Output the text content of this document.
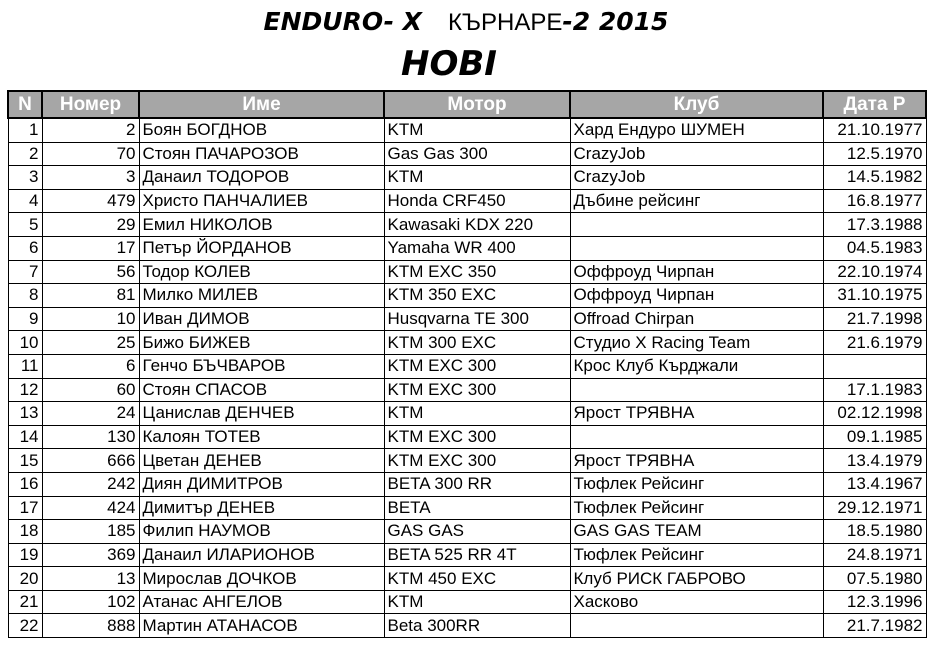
ENDURO- X КЪРНАРЕ-2 2015
HOBI
N	Номер	Име	Мотор	Клуб	Дата Р
1	2	Боян БОГДНОВ	KTM	Хард Ендуро ШУМЕН	21.10.1977
2	70	Стоян ПАЧАРОЗОВ	Gas Gas 300	CrazyJob	12.5.1970
3	3	Данаил ТОДОРОВ	KTM	CrazyJob	14.5.1982
4	479	Христо ПАНЧАЛИЕВ	Honda CRF450	Дъбине рейсинг	16.8.1977
5	29	Емил НИКОЛОВ	Kawasaki KDX 220		17.3.1988
6	17	Петър ЙОРДАНОВ	Yamaha WR 400		04.5.1983
7	56	Тодор КОЛЕВ	KTM EXC 350	Оффроуд Чирпан	22.10.1974
8	81	Милко МИЛЕВ	KTM 350 EXC	Оффроуд Чирпан	31.10.1975
9	10	Иван ДИМОВ	Husqvarna TE 300	Offroad Chirpan	21.7.1998
10	25	Бижо БИЖЕВ	KTM 300 EXC	Студио X Racing Team	21.6.1979
11	6	Генчо БЪЧВАРОВ	KTM EXC 300	Крос Клуб Кърджали	
12	60	Стоян СПАСОВ	KTM EXC 300		17.1.1983
13	24	Цанислав ДЕНЧЕВ	KTM	Ярост ТРЯВНА	02.12.1998
14	130	Калоян ТОТЕВ	KTM EXC 300		09.1.1985
15	666	Цветан ДЕНЕВ	KTM EXC 300	Ярост ТРЯВНА	13.4.1979
16	242	Диян ДИМИТРОВ	BETA 300 RR	Тюфлек Рейсинг	13.4.1967
17	424	Димитър ДЕНЕВ	BETA	Тюфлек Рейсинг	29.12.1971
18	185	Филип НАУМОВ	GAS GAS	GAS GAS TEAM	18.5.1980
19	369	Данаил ИЛАРИОНОВ	BETA 525 RR 4T	Тюфлек Рейсинг	24.8.1971
20	13	Мирослав ДОЧКОВ	KTM 450 EXC	Клуб РИСК ГАБРОВО	07.5.1980
21	102	Атанас АНГЕЛОВ	KTM	Хасково	12.3.1996
22	888	Мартин АТАНАСОВ	Beta 300RR		21.7.1982
